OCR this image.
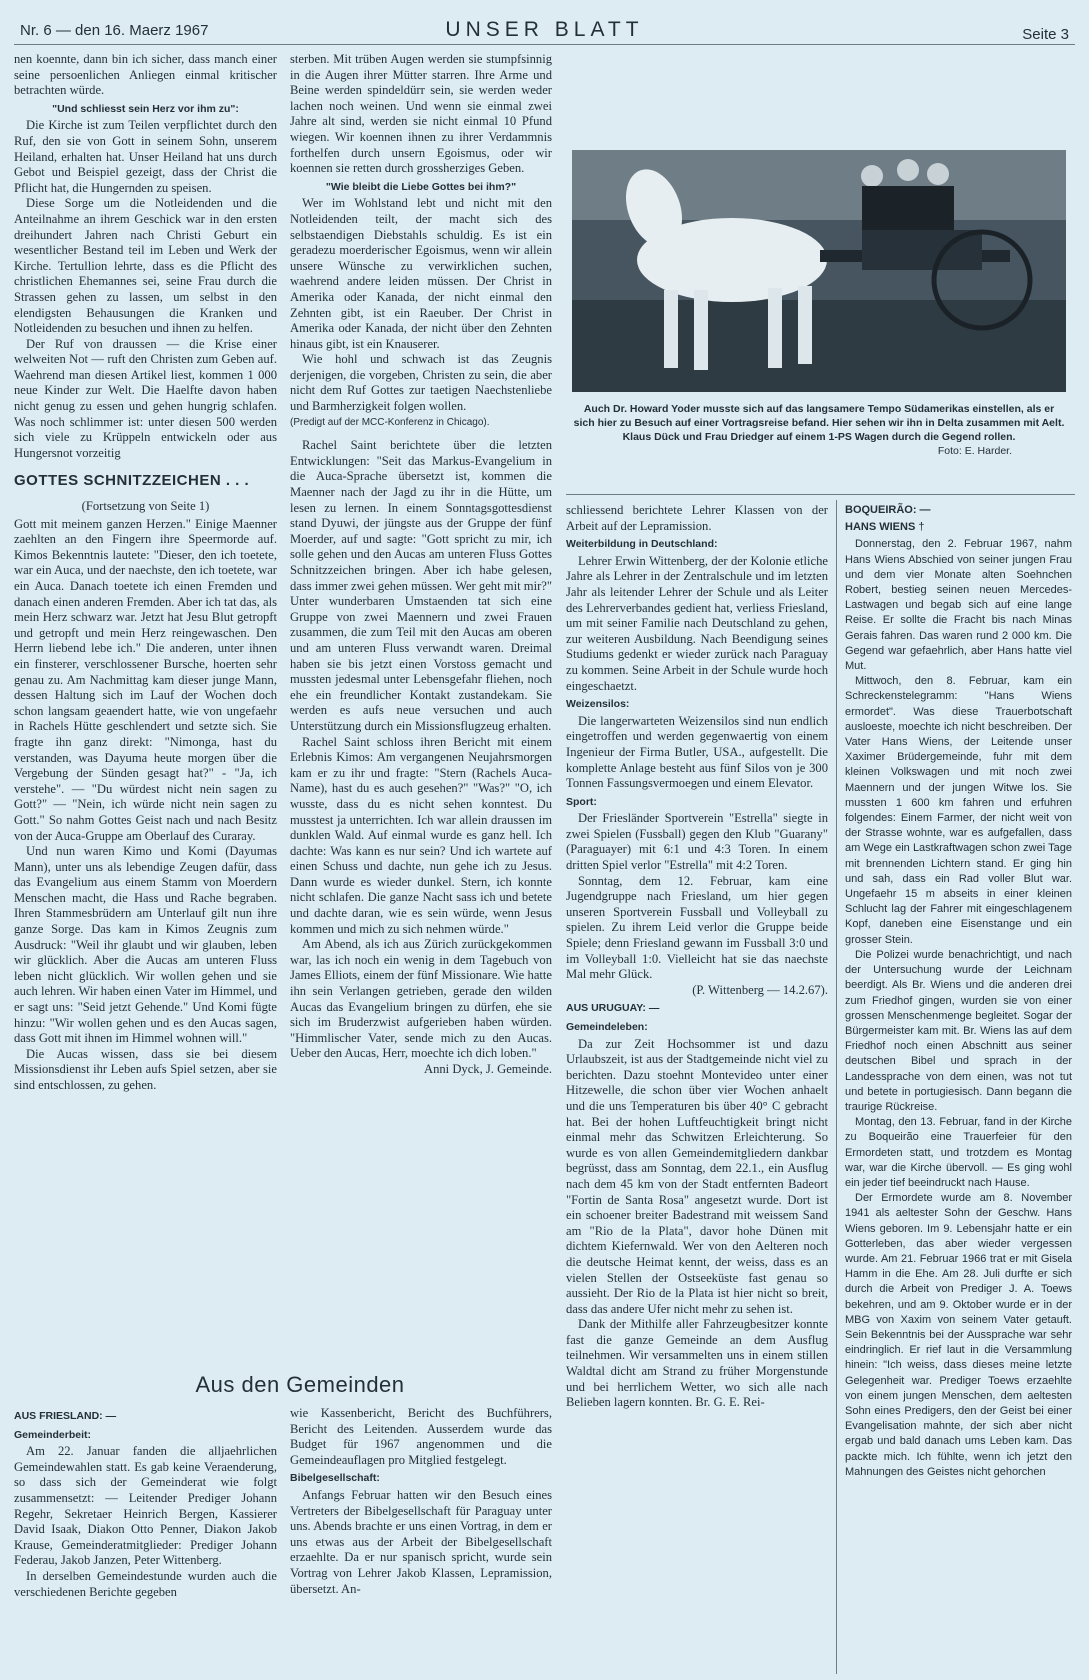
Nr. 6 — den 16. Maerz 1967	UNSER BLATT	Seite 3

nen koennte, dann bin ich sicher, dass manch einer seine persoenlichen Anliegen einmal kritischer betrachten würde.

"Und schliesst sein Herz vor ihm zu":

Die Kirche ist zum Teilen verpflichtet durch den Ruf, den sie von Gott in seinem Sohn, unserem Heiland, erhalten hat. Unser Heiland hat uns durch Gebot und Beispiel gezeigt, dass der Christ die Pflicht hat, die Hungernden zu speisen.

Diese Sorge um die Notleidenden und die Anteilnahme an ihrem Geschick war in den ersten dreihundert Jahren nach Christi Geburt ein wesentlicher Bestand teil im Leben und Werk der Kirche. Tertullion lehrte, dass es die Pflicht des christlichen Ehemannes sei, seine Frau durch die Strassen gehen zu lassen, um selbst in den elendigsten Behausungen die Kranken und Notleidenden zu besuchen und ihnen zu helfen.

Der Ruf von draussen — die Krise einer welweiten Not — ruft den Christen zum Geben auf. Waehrend man diesen Artikel liest, kommen 1 000 neue Kinder zur Welt. Die Haelfte davon haben nicht genug zu essen und gehen hungrig schlafen. Was noch schlimmer ist: unter diesen 500 werden sich viele zu Krüppeln entwickeln oder aus Hungersnot vorzeitig

GOTTES SCHNITZZEICHEN . . .

(Fortsetzung von Seite 1)

Gott mit meinem ganzen Herzen." Einige Maenner zaehlten an den Fingern ihre Speermorde auf. Kimos Bekenntnis lautete: "Dieser, den ich toetete, war ein Auca, und der naechste, den ich toetete, war ein Auca. Danach toetete ich einen Fremden und danach einen anderen Fremden. Aber ich tat das, als mein Herz schwarz war. Jetzt hat Jesu Blut getropft und getropft und mein Herz reingewaschen. Den Herrn liebend lebe ich." Die anderen, unter ihnen ein finsterer, verschlossener Bursche, hoerten sehr genau zu. Am Nachmittag kam dieser junge Mann, dessen Haltung sich im Lauf der Wochen doch schon langsam geaendert hatte, wie von ungefaehr in Rachels Hütte geschlendert und setzte sich. Sie fragte ihn ganz direkt: "Nimonga, hast du verstanden, was Dayuma heute morgen über die Vergebung der Sünden gesagt hat?" - "Ja, ich verstehe". — "Du würdest nicht nein sagen zu Gott?" — "Nein, ich würde nicht nein sagen zu Gott." So nahm Gottes Geist nach und nach Besitz von der Auca-Gruppe am Oberlauf des Curaray.

Und nun waren Kimo und Komi (Dayumas Mann), unter uns als lebendige Zeugen dafür, dass das Evangelium aus einem Stamm von Moerdern Menschen macht, die Hass und Rache begraben. Ihren Stammesbrüdern am Unterlauf gilt nun ihre ganze Sorge. Das kam in Kimos Zeugnis zum Ausdruck: "Weil ihr glaubt und wir glauben, leben wir glücklich. Aber die Aucas am unteren Fluss leben nicht glücklich. Wir wollen gehen und sie auch lehren. Wir haben einen Vater im Himmel, und er sagt uns: "Seid jetzt Gehende." Und Komi fügte hinzu: "Wir wollen gehen und es den Aucas sagen, dass Gott mit ihnen im Himmel wohnen will."

Die Aucas wissen, dass sie bei diesem Missionsdienst ihr Leben aufs Spiel setzen, aber sie sind entschlossen, zu gehen.

sterben. Mit trüben Augen werden sie stumpfsinnig in die Augen ihrer Mütter starren. Ihre Arme und Beine werden spindeldürr sein, sie werden weder lachen noch weinen. Und wenn sie einmal zwei Jahre alt sind, werden sie nicht einmal 10 Pfund wiegen. Wir koennen ihnen zu ihrer Verdammnis forthelfen durch unsern Egoismus, oder wir koennen sie retten durch grossherziges Geben.

"Wie bleibt die Liebe Gottes bei ihm?"

Wer im Wohlstand lebt und nicht mit den Notleidenden teilt, der macht sich des selbstaendigen Diebstahls schuldig. Es ist ein geradezu moerderischer Egoismus, wenn wir allein unsere Wünsche zu verwirklichen suchen, waehrend andere leiden müssen. Der Christ in Amerika oder Kanada, der nicht einmal den Zehnten gibt, ist ein Raeuber. Der Christ in Amerika oder Kanada, der nicht über den Zehnten hinaus gibt, ist ein Knauserer.

Wie hohl und schwach ist das Zeugnis derjenigen, die vorgeben, Christen zu sein, die aber nicht dem Ruf Gottes zur taetigen Naechstenliebe und Barmherzigkeit folgen wollen.

(Predigt auf der MCC-Konferenz in Chicago).

Rachel Saint berichtete über die letzten Entwicklungen: "Seit das Markus-Evangelium in die Auca-Sprache übersetzt ist, kommen die Maenner nach der Jagd zu ihr in die Hütte, um lesen zu lernen. In einem Sonntagsgottesdienst stand Dyuwi, der jüngste aus der Gruppe der fünf Moerder, auf und sagte: "Gott spricht zu mir, ich solle gehen und den Aucas am unteren Fluss Gottes Schnitzzeichen bringen. Aber ich habe gelesen, dass immer zwei gehen müssen. Wer geht mit mir?" Unter wunderbaren Umstaenden tat sich eine Gruppe von zwei Maennern und zwei Frauen zusammen, die zum Teil mit den Aucas am oberen und am unteren Fluss verwandt waren. Dreimal haben sie bis jetzt einen Vorstoss gemacht und mussten jedesmal unter Lebensgefahr fliehen, noch ehe ein freundlicher Kontakt zustandekam. Sie werden es aufs neue versuchen und auch Unterstützung durch ein Missionsflugzeug erhalten.

Rachel Saint schloss ihren Bericht mit einem Erlebnis Kimos: Am vergangenen Neujahrsmorgen kam er zu ihr und fragte: "Stern (Rachels Auca-Name), hast du es auch gesehen?" "Was?" "O, ich wusste, dass du es nicht sehen konntest. Du musstest ja unterrichten. Ich war allein draussen im dunklen Wald. Auf einmal wurde es ganz hell. Ich dachte: Was kann es nur sein? Und ich wartete auf einen Schuss und dachte, nun gehe ich zu Jesus. Dann wurde es wieder dunkel. Stern, ich konnte nicht schlafen. Die ganze Nacht sass ich und betete und dachte daran, wie es sein würde, wenn Jesus kommen und mich zu sich nehmen würde."

Am Abend, als ich aus Zürich zurückgekommen war, las ich noch ein wenig in dem Tagebuch von James Elliots, einem der fünf Missionare. Wie hatte ihn sein Verlangen getrieben, gerade den wilden Aucas das Evangelium bringen zu dürfen, ehe sie sich im Bruderzwist aufgerieben haben würden. "Himmlischer Vater, sende mich zu den Aucas. Ueber den Aucas, Herr, moechte ich dich loben."

Anni Dyck, J. Gemeinde.

Auch Dr. Howard Yoder musste sich auf das langsamere Tempo Südamerikas einstellen, als er sich hier zu Besuch auf einer Vortragsreise befand. Hier sehen wir ihn in Delta zusammen mit Aelt. Klaus Dück und Frau Driedger auf einem 1-PS Wagen durch die Gegend rollen.
Foto: E. Harder.

schliessend berichtete Lehrer Klassen von der Arbeit auf der Lepramission.

Weiterbildung in Deutschland:

Lehrer Erwin Wittenberg, der der Kolonie etliche Jahre als Lehrer in der Zentralschule und im letzten Jahr als leitender Lehrer der Schule und als Leiter des Lehrerverbandes gedient hat, verliess Friesland, um mit seiner Familie nach Deutschland zu gehen, zur weiteren Ausbildung. Nach Beendigung seines Studiums gedenkt er wieder zurück nach Paraguay zu kommen. Seine Arbeit in der Schule wurde hoch eingeschaetzt.

Weizensilos:

Die langerwarteten Weizensilos sind nun endlich eingetroffen und werden gegenwaertig von einem Ingenieur der Firma Butler, USA., aufgestellt. Die komplette Anlage besteht aus fünf Silos von je 300 Tonnen Fassungsvermoegen und einem Elevator.

Sport:

Der Friesländer Sportverein "Estrella" siegte in zwei Spielen (Fussball) gegen den Klub "Guarany" (Paraguayer) mit 6:1 und 4:3 Toren. In einem dritten Spiel verlor "Estrella" mit 4:2 Toren.

Sonntag, dem 12. Februar, kam eine Jugendgruppe nach Friesland, um hier gegen unseren Sportverein Fussball und Volleyball zu spielen. Zu ihrem Leid verlor die Gruppe beide Spiele; denn Friesland gewann im Fussball 3:0 und im Volleyball 1:0. Vielleicht hat sie das naechste Mal mehr Glück.

(P. Wittenberg — 14.2.67).

AUS URUGUAY: —

Gemeindeleben:

Da zur Zeit Hochsommer ist und dazu Urlaubszeit, ist aus der Stadtgemeinde nicht viel zu berichten. Dazu stoehnt Montevideo unter einer Hitzewelle, die schon über vier Wochen anhaelt und die uns Temperaturen bis über 40° C gebracht hat. Bei der hohen Luftfeuchtigkeit bringt nicht einmal mehr das Schwitzen Erleichterung. So wurde es von allen Gemeindemitgliedern dankbar begrüsst, dass am Sonntag, dem 22.1., ein Ausflug nach dem 45 km von der Stadt entfernten Badeort "Fortin de Santa Rosa" angesetzt wurde. Dort ist ein schoener breiter Badestrand mit weissem Sand am "Rio de la Plata", davor hohe Dünen mit dichtem Kiefernwald. Wer von den Aelteren noch die deutsche Heimat kennt, der weiss, dass es an vielen Stellen der Ostseeküste fast genau so aussieht. Der Rio de la Plata ist hier nicht so breit, dass das andere Ufer nicht mehr zu sehen ist.

Dank der Mithilfe aller Fahrzeugbesitzer konnte fast die ganze Gemeinde an dem Ausflug teilnehmen. Wir versammelten uns in einem stillen Waldtal dicht am Strand zu früher Morgenstunde und bei herrlichem Wetter, wo sich alle nach Belieben lagern konnten. Br. G. E. Rei-

BOQUEIRÃO: —

HANS WIENS †

Donnerstag, den 2. Februar 1967, nahm Hans Wiens Abschied von seiner jungen Frau und dem vier Monate alten Soehnchen Robert, bestieg seinen neuen Mercedes-Lastwagen und begab sich auf eine lange Reise. Er sollte die Fracht bis nach Minas Gerais fahren. Das waren rund 2 000 km. Die Gegend war gefaehrlich, aber Hans hatte viel Mut.

Mittwoch, den 8. Februar, kam ein Schreckenstelegramm: "Hans Wiens ermordet". Was diese Trauerbotschaft ausloeste, moechte ich nicht beschreiben. Der Vater Hans Wiens, der Leitende unser Xaximer Brüdergemeinde, fuhr mit dem kleinen Volkswagen und mit noch zwei Maennern und der jungen Witwe los. Sie mussten 1 600 km fahren und erfuhren folgendes: Einem Farmer, der nicht weit von der Strasse wohnte, war es aufgefallen, dass am Wege ein Lastkraftwagen schon zwei Tage mit brennenden Lichtern stand. Er ging hin und sah, dass ein Rad voller Blut war. Ungefaehr 15 m abseits in einer kleinen Schlucht lag der Fahrer mit eingeschlagenem Kopf, daneben eine Eisenstange und ein grosser Stein.

Die Polizei wurde benachrichtigt, und nach der Untersuchung wurde der Leichnam beerdigt. Als Br. Wiens und die anderen drei zum Friedhof gingen, wurden sie von einer grossen Menschenmenge begleitet. Sogar der Bürgermeister kam mit. Br. Wiens las auf dem Friedhof noch einen Abschnitt aus seiner deutschen Bibel und sprach in der Landessprache von dem einen, was not tut und betete in portugiesisch. Dann begann die traurige Rückreise.

Montag, den 13. Februar, fand in der Kirche zu Boqueirão eine Trauerfeier für den Ermordeten statt, und trotzdem es Montag war, war die Kirche übervoll. — Es ging wohl ein jeder tief beeindruckt nach Hause.

Der Ermordete wurde am 8. November 1941 als aeltester Sohn der Geschw. Hans Wiens geboren. Im 9. Lebensjahr hatte er ein Gotterleben, das aber wieder vergessen wurde. Am 21. Februar 1966 trat er mit Gisela Hamm in die Ehe. Am 28. Juli durfte er sich durch die Arbeit von Prediger J. A. Toews bekehren, und am 9. Oktober wurde er in der MBG von Xaxim von seinem Vater getauft. Sein Bekenntnis bei der Aussprache war sehr eindringlich. Er rief laut in die Versammlung hinein: "Ich weiss, dass dieses meine letzte Gelegenheit war. Prediger Toews erzaehlte von einem jungen Menschen, dem aeltesten Sohn eines Predigers, den der Geist bei einer Evangelisation mahnte, der sich aber nicht ergab und bald danach ums Leben kam. Das packte mich. Ich fühlte, wenn ich jetzt den Mahnungen des Geistes nicht gehorchen

Aus den Gemeinden

AUS FRIESLAND: —

Gemeinderbeit:

Am 22. Januar fanden die alljaehrlichen Gemeindewahlen statt. Es gab keine Veraenderung, so dass sich der Gemeinderat wie folgt zusammensetzt: — Leitender Prediger Johann Regehr, Sekretaer Heinrich Bergen, Kassierer David Isaak, Diakon Otto Penner, Diakon Jakob Krause, Gemeinderatmitglieder: Prediger Johann Federau, Jakob Janzen, Peter Wittenberg.

In derselben Gemeindestunde wurden auch die verschiedenen Berichte gegeben

wie Kassenbericht, Bericht des Buchführers, Bericht des Leitenden. Ausserdem wurde das Budget für 1967 angenommen und die Gemeindeauflagen pro Mitglied festgelegt.

Bibelgesellschaft:

Anfangs Februar hatten wir den Besuch eines Vertreters der Bibelgesellschaft für Paraguay unter uns. Abends brachte er uns einen Vortrag, in dem er uns etwas aus der Arbeit der Bibelgesellschaft erzaehlte. Da er nur spanisch spricht, wurde sein Vortrag von Lehrer Jakob Klassen, Lepramission, übersetzt. An-
